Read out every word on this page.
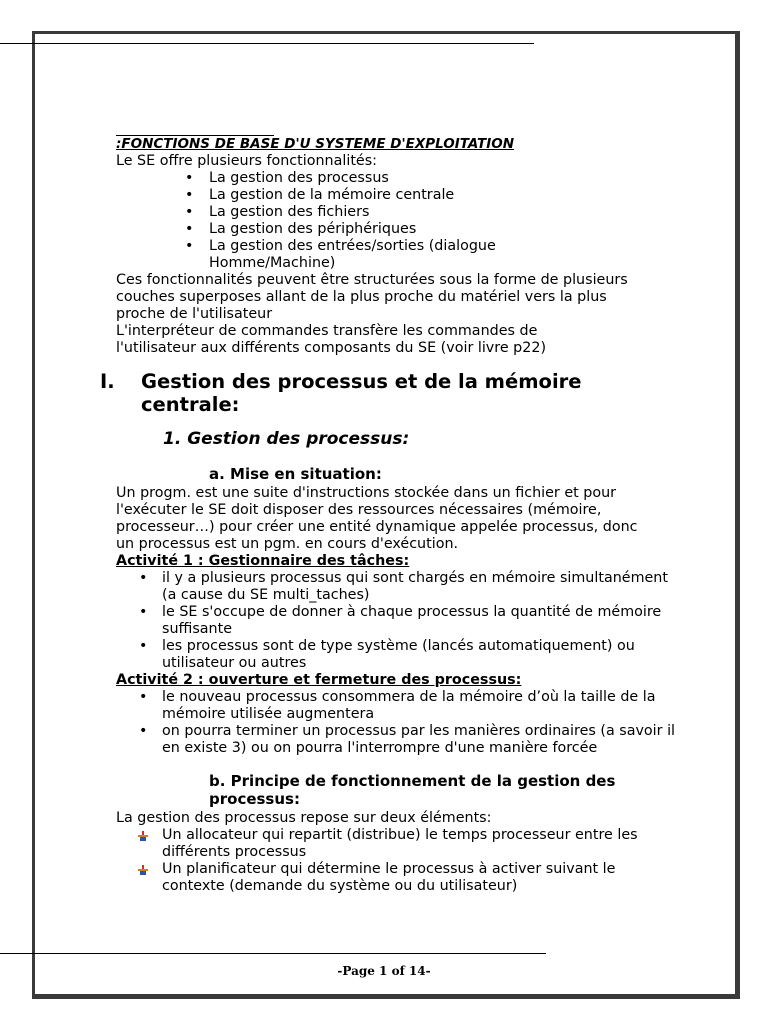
:FONCTIONS DE BASE D'U SYSTEME D'EXPLOITATION

Le SE offre plusieurs fonctionnalités:

• La gestion des processus
• La gestion de la mémoire centrale
• La gestion des fichiers
• La gestion des périphériques
• La gestion des entrées/sorties (dialogue Homme/Machine)

Ces fonctionnalités peuvent être structurées sous la forme de plusieurs couches superposes allant de la plus proche du matériel vers la plus proche de l'utilisateur

L'interpréteur de commandes transfère les commandes de l'utilisateur aux différents composants du SE (voir livre p22)

I. Gestion des processus et de la mémoire centrale:
1. Gestion des processus:
a. Mise en situation:

Un progm. est une suite d'instructions stockée dans un fichier et pour l'exécuter le SE doit disposer des ressources nécessaires (mémoire, processeur…) pour créer une entité dynamique appelée processus, donc un processus est un pgm. en cours d'exécution.

Activité 1 : Gestionnaire des tâches:

• il y a plusieurs processus qui sont chargés en mémoire simultanément (a cause du SE multi_taches)
• le SE s'occupe de donner à chaque processus la quantité de mémoire suffisante
• les processus sont de type système (lancés automatiquement) ou utilisateur ou autres

Activité 2 : ouverture et fermeture des processus:

• le nouveau processus consommera de la mémoire d’où la taille de la mémoire utilisée augmentera
• on pourra terminer un processus par les manières ordinaires (a savoir il en existe 3) ou on pourra l'interrompre d'une manière forcée
b. Principe de fonctionnement de la gestion des processus:

La gestion des processus repose sur deux éléments:

Un allocateur qui repartit (distribue) le temps processeur entre les différents processus
Un planificateur qui détermine le processus à activer suivant le contexte (demande du système ou du utilisateur)
-Page 1 of 14-
